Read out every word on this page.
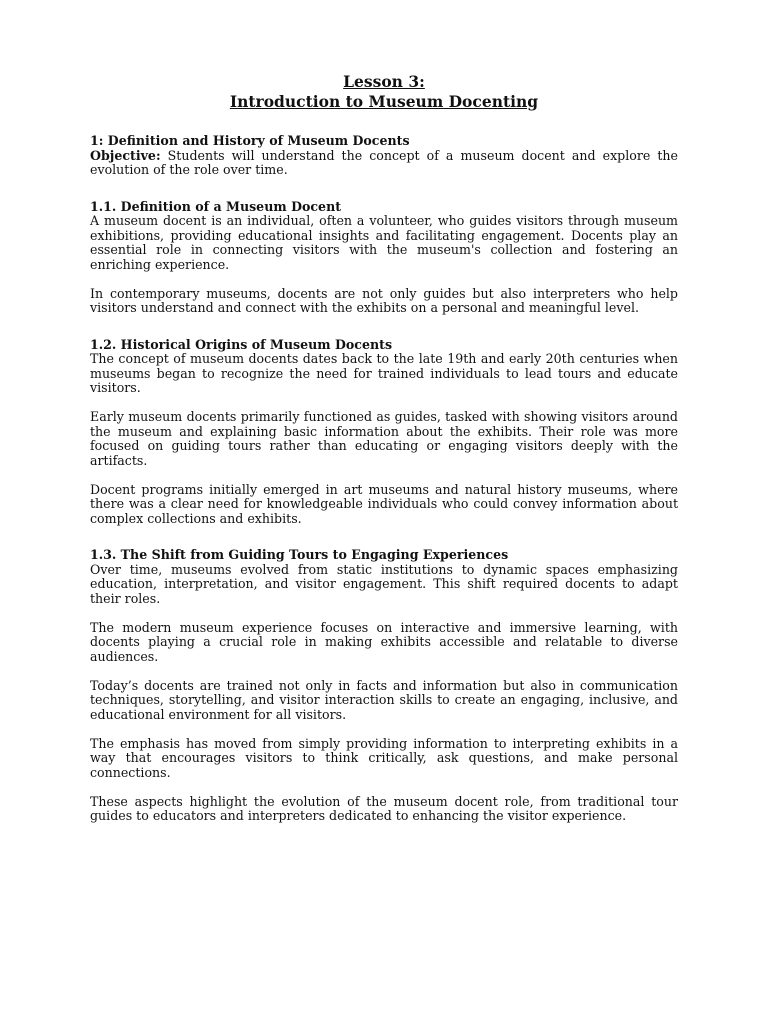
Lesson 3:
Introduction to Museum Docenting
1: Definition and History of Museum Docents

Objective: Students will understand the concept of a museum docent and explore the evolution of the role over time.

1.1. Definition of a Museum Docent

A museum docent is an individual, often a volunteer, who guides visitors through museum exhibitions, providing educational insights and facilitating engagement. Docents play an essential role in connecting visitors with the museum's collection and fostering an enriching experience.

In contemporary museums, docents are not only guides but also interpreters who help visitors understand and connect with the exhibits on a personal and meaningful level.

1.2. Historical Origins of Museum Docents

The concept of museum docents dates back to the late 19th and early 20th centuries when museums began to recognize the need for trained individuals to lead tours and educate visitors.

Early museum docents primarily functioned as guides, tasked with showing visitors around the museum and explaining basic information about the exhibits. Their role was more focused on guiding tours rather than educating or engaging visitors deeply with the artifacts.

Docent programs initially emerged in art museums and natural history museums, where there was a clear need for knowledgeable individuals who could convey information about complex collections and exhibits.

1.3. The Shift from Guiding Tours to Engaging Experiences

Over time, museums evolved from static institutions to dynamic spaces emphasizing education, interpretation, and visitor engagement. This shift required docents to adapt their roles.

The modern museum experience focuses on interactive and immersive learning, with docents playing a crucial role in making exhibits accessible and relatable to diverse audiences.

Today’s docents are trained not only in facts and information but also in communication techniques, storytelling, and visitor interaction skills to create an engaging, inclusive, and educational environment for all visitors.

The emphasis has moved from simply providing information to interpreting exhibits in a way that encourages visitors to think critically, ask questions, and make personal connections.

These aspects highlight the evolution of the museum docent role, from traditional tour guides to educators and interpreters dedicated to enhancing the visitor experience.
